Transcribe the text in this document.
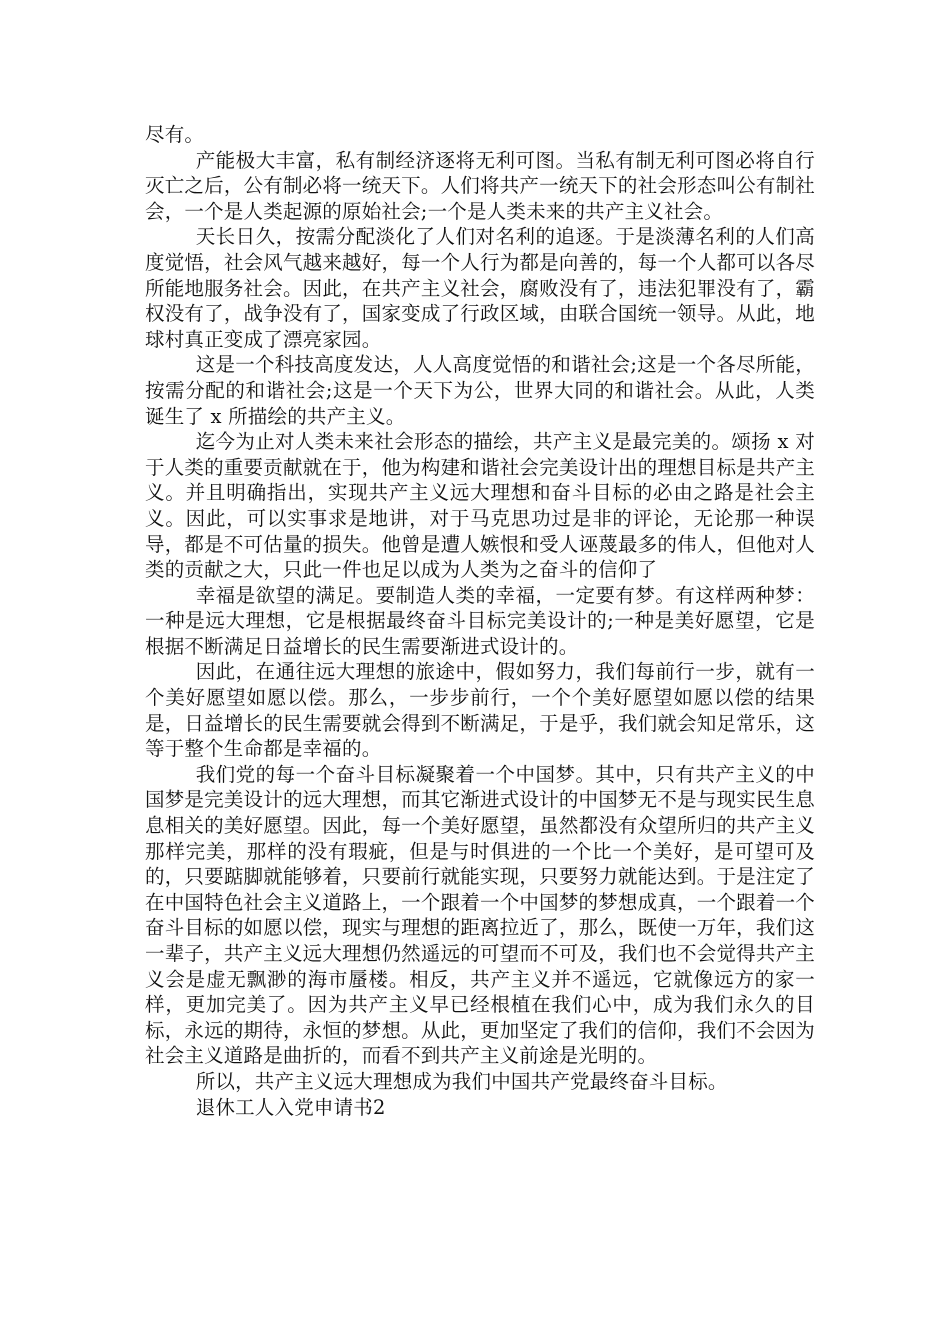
尽有。

产能极大丰富，私有制经济逐将无利可图。当私有制无利可图必将自行灭亡之后，公有制必将一统天下。人们将共产一统天下的社会形态叫公有制社会，一个是人类起源的原始社会;一个是人类未来的共产主义社会。

天长日久，按需分配淡化了人们对名利的追逐。于是淡薄名利的人们高度觉悟，社会风气越来越好，每一个人行为都是向善的，每一个人都可以各尽所能地服务社会。因此，在共产主义社会，腐败没有了，违法犯罪没有了，霸权没有了，战争没有了，国家变成了行政区域，由联合国统一领导。从此，地球村真正变成了漂亮家园。

这是一个科技高度发达，人人高度觉悟的和谐社会;这是一个各尽所能，按需分配的和谐社会;这是一个天下为公，世界大同的和谐社会。从此，人类诞生了 x 所描绘的共产主义。

迄今为止对人类未来社会形态的描绘，共产主义是最完美的。颂扬 x 对于人类的重要贡献就在于，他为构建和谐社会完美设计出的理想目标是共产主义。并且明确指出，实现共产主义远大理想和奋斗目标的必由之路是社会主义。因此，可以实事求是地讲，对于马克思功过是非的评论，无论那一种误导，都是不可估量的损失。他曾是遭人嫉恨和受人诬蔑最多的伟人，但他对人类的贡献之大，只此一件也足以成为人类为之奋斗的信仰了

幸福是欲望的满足。要制造人类的幸福，一定要有梦。有这样两种梦：一种是远大理想，它是根据最终奋斗目标完美设计的;一种是美好愿望，它是根据不断满足日益增长的民生需要渐进式设计的。

因此，在通往远大理想的旅途中，假如努力，我们每前行一步，就有一个美好愿望如愿以偿。那么，一步步前行，一个个美好愿望如愿以偿的结果是，日益增长的民生需要就会得到不断满足，于是乎，我们就会知足常乐，这等于整个生命都是幸福的。

我们党的每一个奋斗目标凝聚着一个中国梦。其中，只有共产主义的中国梦是完美设计的远大理想，而其它渐进式设计的中国梦无不是与现实民生息息相关的美好愿望。因此，每一个美好愿望，虽然都没有众望所归的共产主义那样完美，那样的没有瑕疵，但是与时俱进的一个比一个美好，是可望可及的，只要踮脚就能够着，只要前行就能实现，只要努力就能达到。于是注定了在中国特色社会主义道路上，一个跟着一个中国梦的梦想成真，一个跟着一个奋斗目标的如愿以偿，现实与理想的距离拉近了，那么，既使一万年，我们这一辈子，共产主义远大理想仍然遥远的可望而不可及，我们也不会觉得共产主义会是虚无飘渺的海市蜃楼。相反，共产主义并不遥远，它就像远方的家一样，更加完美了。因为共产主义早已经根植在我们心中，成为我们永久的目标，永远的期待，永恒的梦想。从此，更加坚定了我们的信仰，我们不会因为社会主义道路是曲折的，而看不到共产主义前途是光明的。

所以，共产主义远大理想成为我们中国共产党最终奋斗目标。

退休工人入党申请书2
